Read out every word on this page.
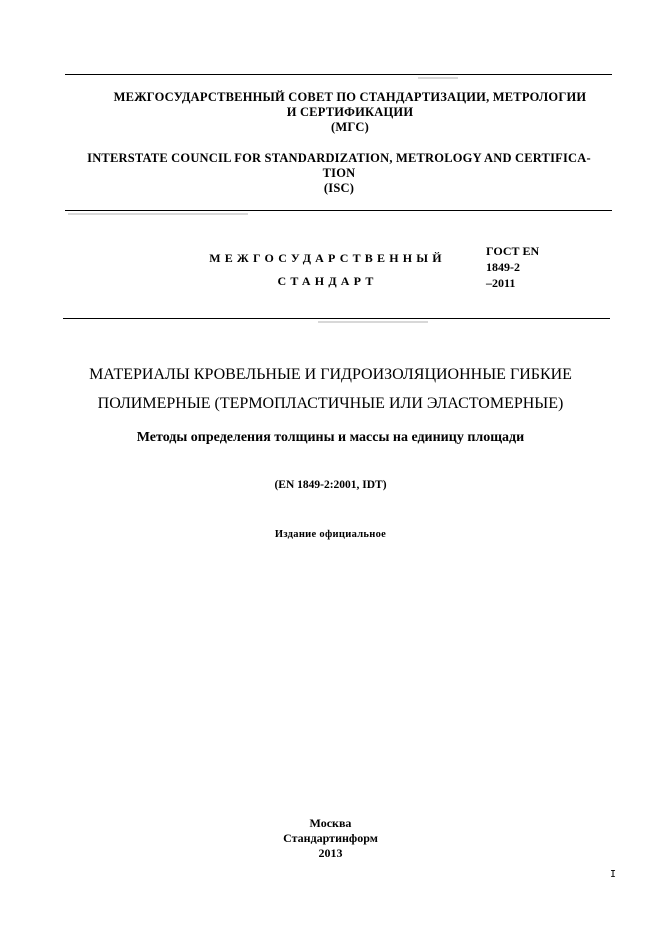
МЕЖГОСУДАРСТВЕННЫЙ СОВЕТ ПО СТАНДАРТИЗАЦИИ, МЕТРОЛОГИИ
И СЕРТИФИКАЦИИ
(МГС)
INTERSTATE COUNCIL FOR STANDARDIZATION, METROLOGY AND CERTIFICA-
TION
(ISC)
МЕЖГОСУДАРСТВЕННЫЙ
СТАНДАРТ
ГОСТ EN
1849-2
–2011
МАТЕРИАЛЫ КРОВЕЛЬНЫЕ И ГИДРОИЗОЛЯЦИОННЫЕ ГИБКИЕ
ПОЛИМЕРНЫЕ (ТЕРМОПЛАСТИЧНЫЕ ИЛИ ЭЛАСТОМЕРНЫЕ)
Методы определения толщины и массы на единицу площади
(EN 1849-2:2001, IDT)
Издание официальное
Москва
Стандартинформ
2013
I
